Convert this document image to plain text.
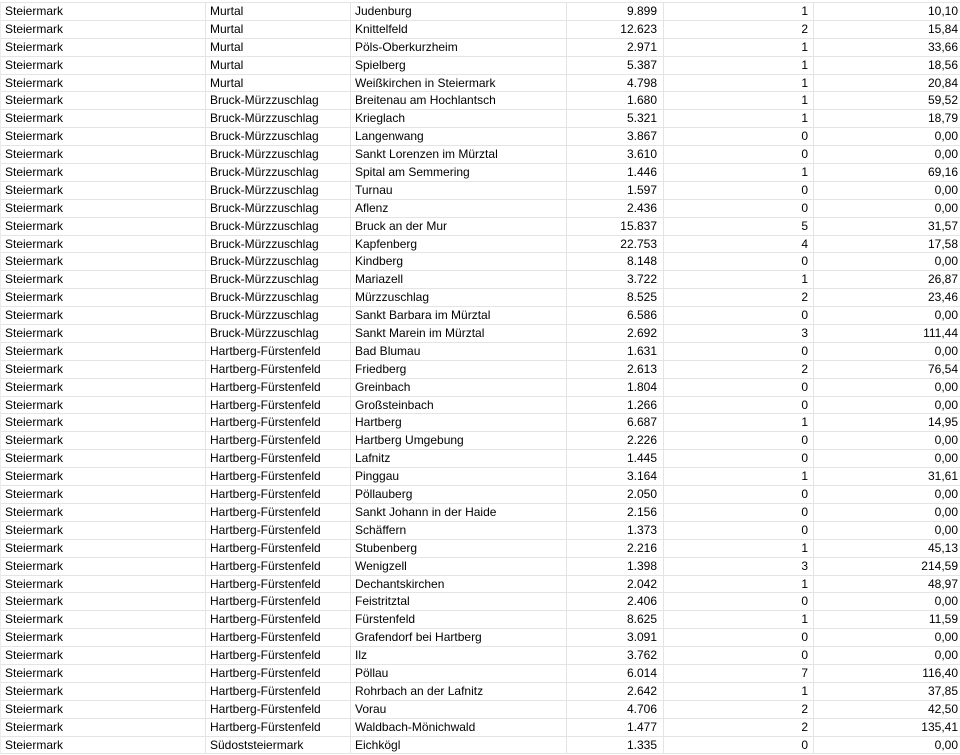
Steiermark	Murtal	Judenburg	9.899	1	10,10
Steiermark	Murtal	Knittelfeld	12.623	2	15,84
Steiermark	Murtal	Pöls-Oberkurzheim	2.971	1	33,66
Steiermark	Murtal	Spielberg	5.387	1	18,56
Steiermark	Murtal	Weißkirchen in Steiermark	4.798	1	20,84
Steiermark	Bruck-Mürzzuschlag	Breitenau am Hochlantsch	1.680	1	59,52
Steiermark	Bruck-Mürzzuschlag	Krieglach	5.321	1	18,79
Steiermark	Bruck-Mürzzuschlag	Langenwang	3.867	0	0,00
Steiermark	Bruck-Mürzzuschlag	Sankt Lorenzen im Mürztal	3.610	0	0,00
Steiermark	Bruck-Mürzzuschlag	Spital am Semmering	1.446	1	69,16
Steiermark	Bruck-Mürzzuschlag	Turnau	1.597	0	0,00
Steiermark	Bruck-Mürzzuschlag	Aflenz	2.436	0	0,00
Steiermark	Bruck-Mürzzuschlag	Bruck an der Mur	15.837	5	31,57
Steiermark	Bruck-Mürzzuschlag	Kapfenberg	22.753	4	17,58
Steiermark	Bruck-Mürzzuschlag	Kindberg	8.148	0	0,00
Steiermark	Bruck-Mürzzuschlag	Mariazell	3.722	1	26,87
Steiermark	Bruck-Mürzzuschlag	Mürzzuschlag	8.525	2	23,46
Steiermark	Bruck-Mürzzuschlag	Sankt Barbara im Mürztal	6.586	0	0,00
Steiermark	Bruck-Mürzzuschlag	Sankt Marein im Mürztal	2.692	3	111,44
Steiermark	Hartberg-Fürstenfeld	Bad Blumau	1.631	0	0,00
Steiermark	Hartberg-Fürstenfeld	Friedberg	2.613	2	76,54
Steiermark	Hartberg-Fürstenfeld	Greinbach	1.804	0	0,00
Steiermark	Hartberg-Fürstenfeld	Großsteinbach	1.266	0	0,00
Steiermark	Hartberg-Fürstenfeld	Hartberg	6.687	1	14,95
Steiermark	Hartberg-Fürstenfeld	Hartberg Umgebung	2.226	0	0,00
Steiermark	Hartberg-Fürstenfeld	Lafnitz	1.445	0	0,00
Steiermark	Hartberg-Fürstenfeld	Pinggau	3.164	1	31,61
Steiermark	Hartberg-Fürstenfeld	Pöllauberg	2.050	0	0,00
Steiermark	Hartberg-Fürstenfeld	Sankt Johann in der Haide	2.156	0	0,00
Steiermark	Hartberg-Fürstenfeld	Schäffern	1.373	0	0,00
Steiermark	Hartberg-Fürstenfeld	Stubenberg	2.216	1	45,13
Steiermark	Hartberg-Fürstenfeld	Wenigzell	1.398	3	214,59
Steiermark	Hartberg-Fürstenfeld	Dechantskirchen	2.042	1	48,97
Steiermark	Hartberg-Fürstenfeld	Feistritztal	2.406	0	0,00
Steiermark	Hartberg-Fürstenfeld	Fürstenfeld	8.625	1	11,59
Steiermark	Hartberg-Fürstenfeld	Grafendorf bei Hartberg	3.091	0	0,00
Steiermark	Hartberg-Fürstenfeld	Ilz	3.762	0	0,00
Steiermark	Hartberg-Fürstenfeld	Pöllau	6.014	7	116,40
Steiermark	Hartberg-Fürstenfeld	Rohrbach an der Lafnitz	2.642	1	37,85
Steiermark	Hartberg-Fürstenfeld	Vorau	4.706	2	42,50
Steiermark	Hartberg-Fürstenfeld	Waldbach-Mönichwald	1.477	2	135,41
Steiermark	Südoststeiermark	Eichkögl	1.335	0	0,00
